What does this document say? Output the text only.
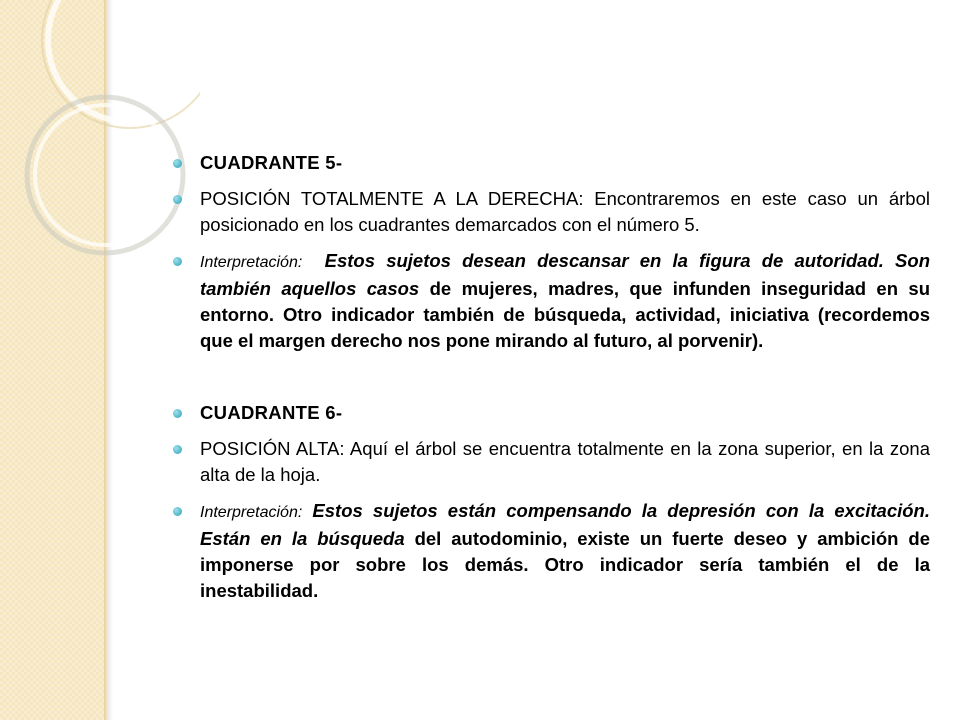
CUADRANTE 5-
POSICIÓN TOTALMENTE A LA DERECHA: Encontraremos en este caso un árbol posicionado en los cuadrantes demarcados con el número 5.
Interpretación: Estos sujetos desean descansar en la figura de autoridad. Son también aquellos casos de mujeres, madres, que infunden inseguridad en su entorno. Otro indicador también de búsqueda, actividad, iniciativa (recordemos que el margen derecho nos pone mirando al futuro, al porvenir).
CUADRANTE 6-
POSICIÓN ALTA: Aquí el árbol se encuentra totalmente en la zona superior, en la zona alta de la hoja.
Interpretación: Estos sujetos están compensando la depresión con la excitación. Están en la búsqueda del autodominio, existe un fuerte deseo y ambición de imponerse por sobre los demás. Otro indicador sería también el de la inestabilidad.
